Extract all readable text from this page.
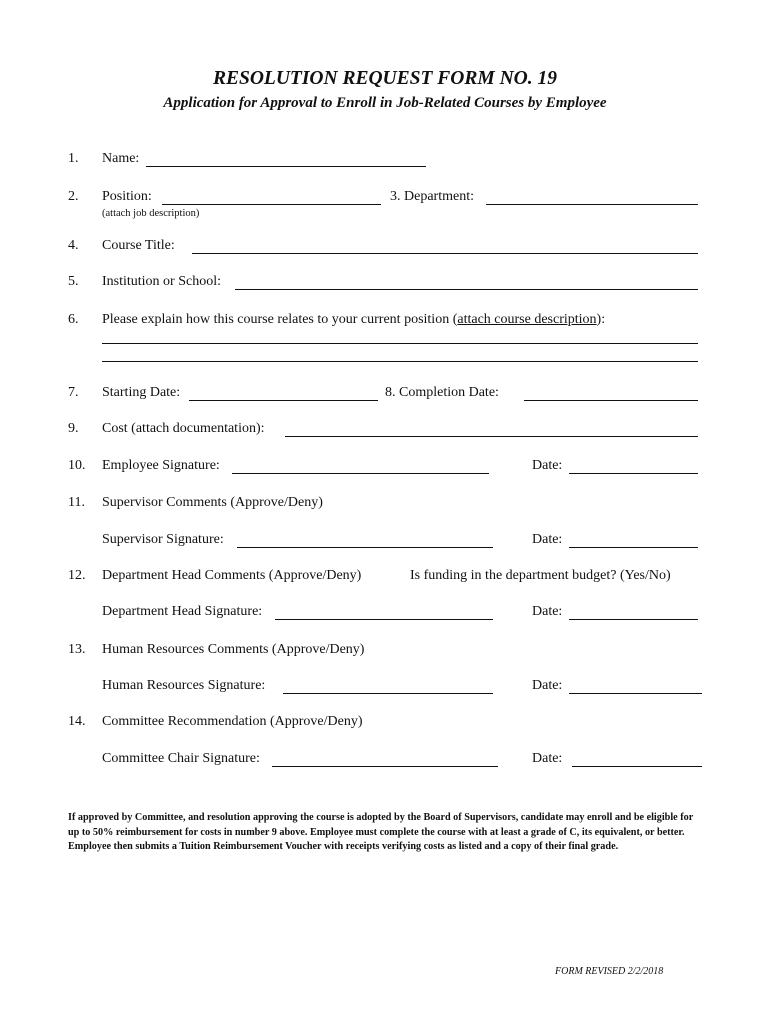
RESOLUTION REQUEST FORM NO. 19
Application for Approval to Enroll in Job-Related Courses by Employee
1. Name:
2. Position:	3. Department:
(attach job description)
4. Course Title:
5. Institution or School:
6. Please explain how this course relates to your current position (attach course description):
7. Starting Date:	8. Completion Date:
9. Cost (attach documentation):
10. Employee Signature:	Date:
11. Supervisor Comments (Approve/Deny)
Supervisor Signature:	Date:
12. Department Head Comments (Approve/Deny)	Is funding in the department budget? (Yes/No)
Department Head Signature:	Date:
13. Human Resources Comments (Approve/Deny)
Human Resources Signature:	Date:
14. Committee Recommendation (Approve/Deny)
Committee Chair Signature:	Date:
If approved by Committee, and resolution approving the course is adopted by the Board of Supervisors, candidate may enroll and be eligible for up to 50% reimbursement for costs in number 9 above. Employee must complete the course with at least a grade of C, its equivalent, or better. Employee then submits a Tuition Reimbursement Voucher with receipts verifying costs as listed and a copy of their final grade.
FORM REVISED 2/2/2018
